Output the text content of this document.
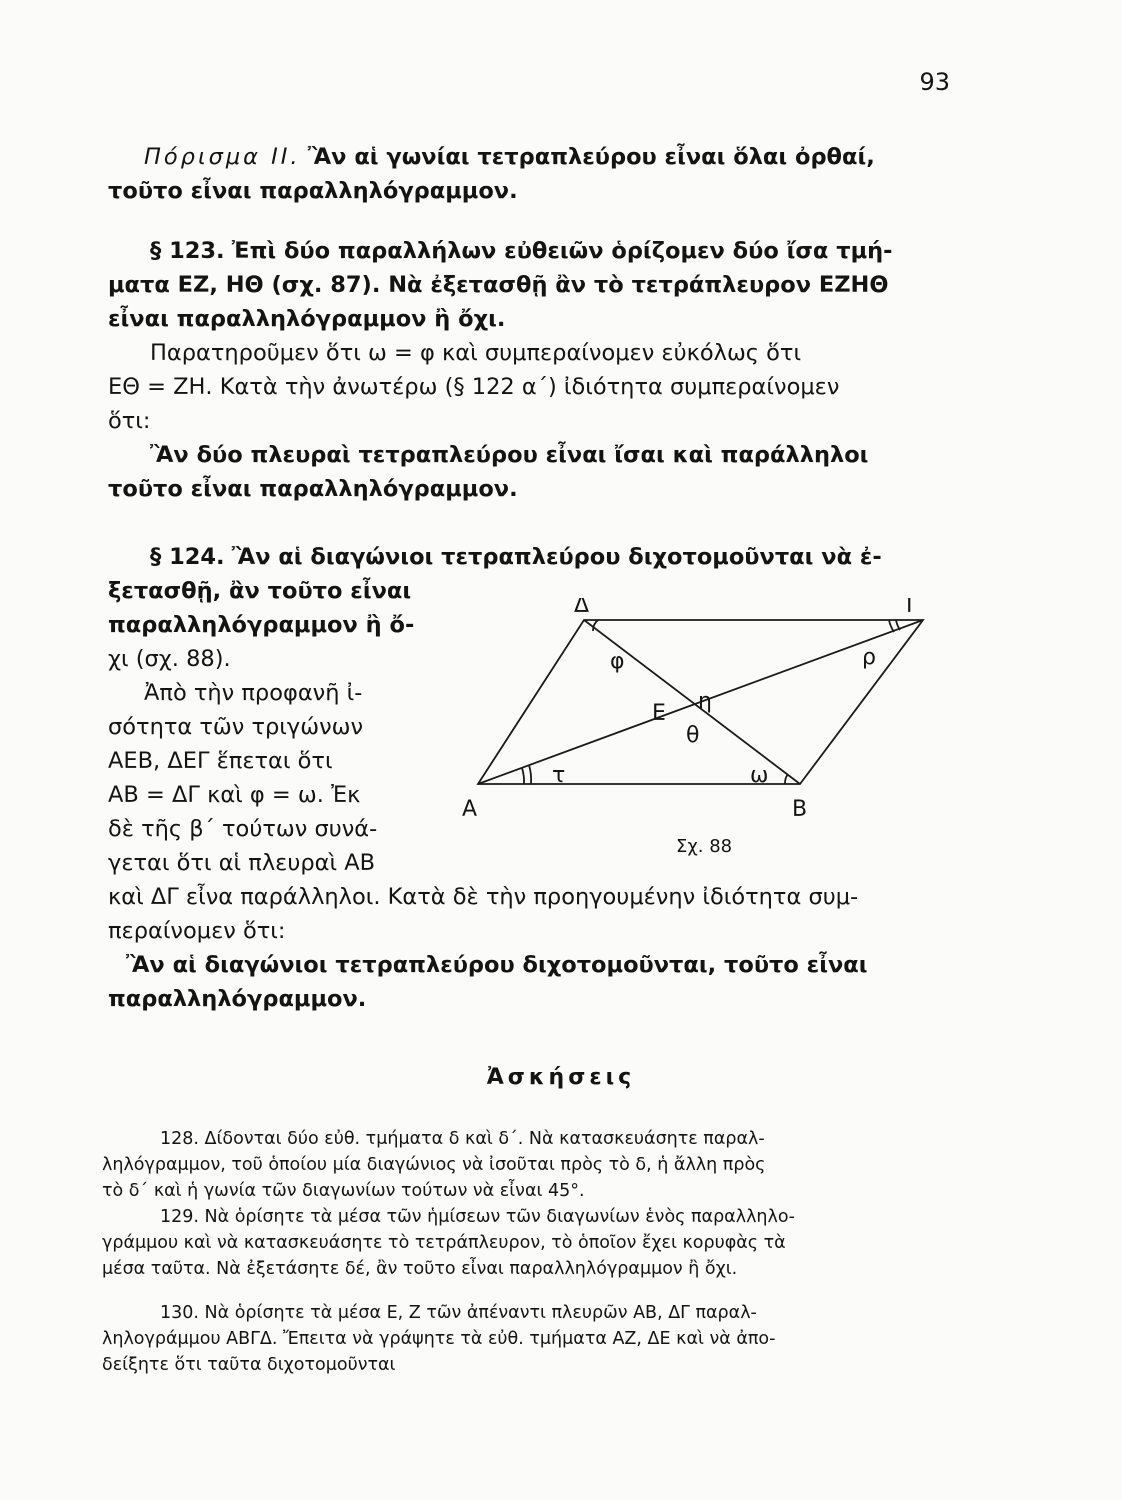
93

Πόρισμα ΙΙ. Ἂν αἱ γωνίαι τετραπλεύρου εἶναι ὅλαι ὀρθαί,
τοῦτο εἶναι παραλληλόγραμμον.

§ 123. Ἐπὶ δύο παραλλήλων εὐθειῶν ὁρίζομεν δύο ἴσα τμή-
ματα ΕΖ, ΗΘ (σχ. 87). Νὰ ἐξετασθῇ ἂν τὸ τετράπλευρον ΕΖΗΘ
εἶναι παραλληλόγραμμον ἢ ὄχι.
Παρατηροῦμεν ὅτι ω = φ καὶ συμπεραίνομεν εὐκόλως ὅτι
ΕΘ = ΖΗ. Κατὰ τὴν ἀνωτέρω (§ 122 α΄) ἰδιότητα συμπεραίνομεν
ὅτι:
Ἂν δύο πλευραὶ τετραπλεύρου εἶναι ἴσαι καὶ παράλληλοι
τοῦτο εἶναι παραλληλόγραμμον.

§ 124. Ἂν αἱ διαγώνιοι τετραπλεύρου διχοτομοῦνται νὰ ἐ-
ξετασθῇ, ἂν τοῦτο εἶναι
παραλληλόγραμμον ἢ ὄ-
χι (σχ. 88).

Ἀπὸ τὴν προφανῆ ἰ-
σότητα τῶν τριγώνων
ΑΕΒ, ΔΕΓ ἕπεται ὅτι
ΑΒ = ΔΓ καὶ φ = ω. Ἐκ
δὲ τῆς β΄ τούτων συνά-
γεται ὅτι αἱ πλευραὶ ΑΒ

καὶ ΔΓ εἶνα παράλληλοι. Κατὰ δὲ τὴν προηγουμένην ἰδιότητα συμ-
περαίνομεν ὅτι:
Ἂν αἱ διαγώνιοι τετραπλεύρου διχοτομοῦνται, τοῦτο εἶναι
παραλληλόγραμμον.

Α	Β
Γ
Δ
Ε
φ	ρ
η
θ
τ	ω
Σχ. 88
Ἀσκήσεις

128. Δίδονται δύο εὐθ. τμήματα δ καὶ δ΄. Νὰ κατασκευάσητε παραλ-
ληλόγραμμον, τοῦ ὁποίου μία διαγώνιος νὰ ἰσοῦται πρὸς τὸ δ, ἡ ἄλλη πρὸς
τὸ δ΄ καὶ ἡ γωνία τῶν διαγωνίων τούτων νὰ εἶναι 45°.

129. Νὰ ὁρίσητε τὰ μέσα τῶν ἡμίσεων τῶν διαγωνίων ἑνὸς παραλληλο-
γράμμου καὶ νὰ κατασκευάσητε τὸ τετράπλευρον, τὸ ὁποῖον ἔχει κορυφὰς τὰ
μέσα ταῦτα. Νὰ ἐξετάσητε δέ, ἂν τοῦτο εἶναι παραλληλόγραμμον ἢ ὄχι.

130. Νὰ ὁρίσητε τὰ μέσα Ε, Ζ τῶν ἀπέναντι πλευρῶν ΑΒ, ΔΓ παραλ-
ληλογράμμου ΑΒΓΔ. Ἔπειτα νὰ γράψητε τὰ εὐθ. τμήματα ΑΖ, ΔΕ καὶ νὰ ἀπο-
δείξητε ὅτι ταῦτα διχοτομοῦνται
